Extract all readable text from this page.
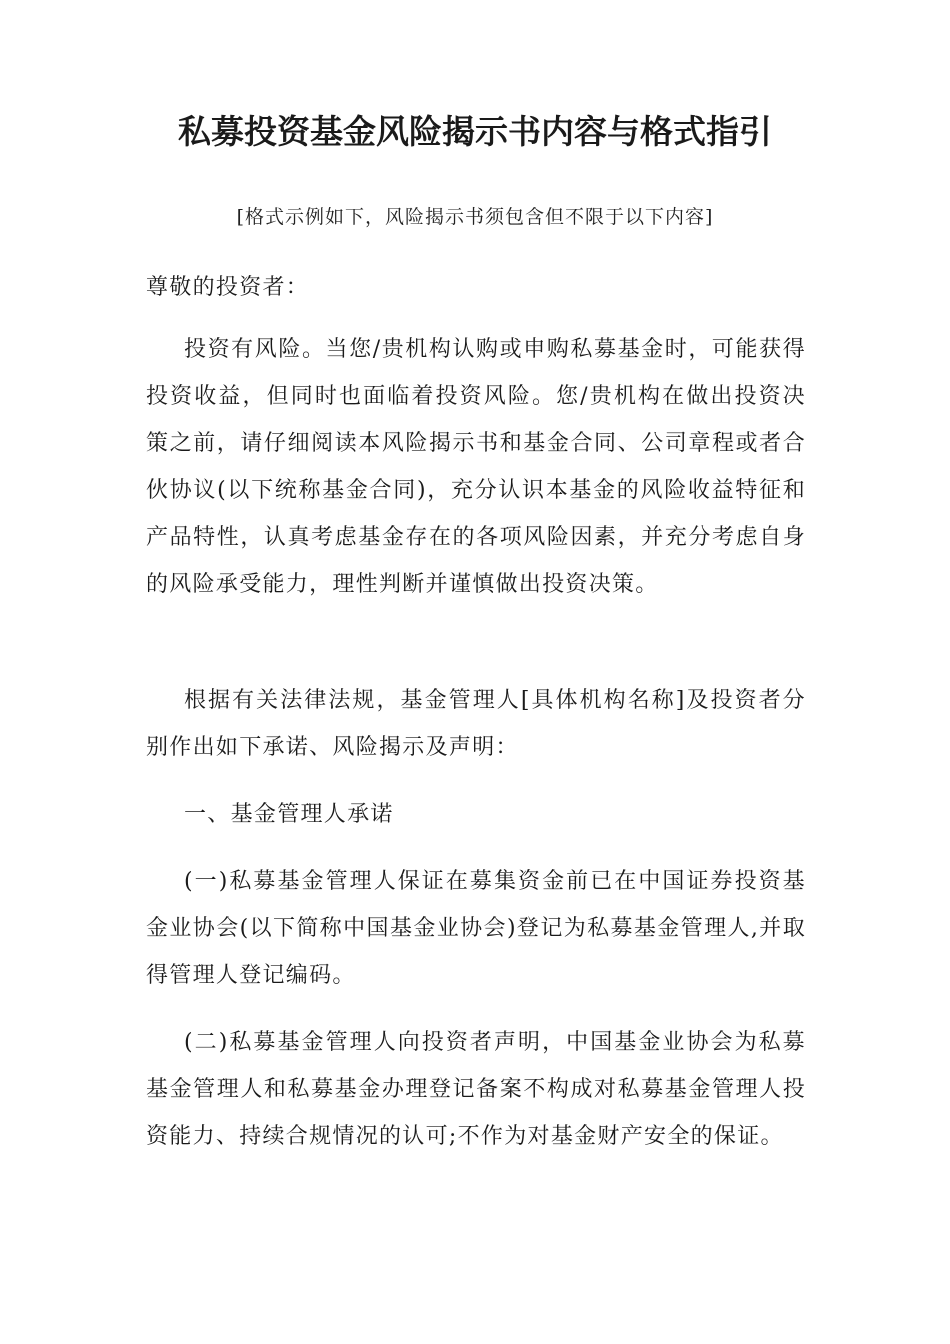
私募投资基金风险揭示书内容与格式指引

[格式示例如下，风险揭示书须包含但不限于以下内容]

尊敬的投资者：

投资有风险。当您/贵机构认购或申购私募基金时，可能获得投资收益，但同时也面临着投资风险。您/贵机构在做出投资决策之前，请仔细阅读本风险揭示书和基金合同、公司章程或者合伙协议(以下统称基金合同)，充分认识本基金的风险收益特征和产品特性，认真考虑基金存在的各项风险因素，并充分考虑自身的风险承受能力，理性判断并谨慎做出投资决策。

根据有关法律法规，基金管理人[具体机构名称]及投资者分别作出如下承诺、风险揭示及声明：

一、基金管理人承诺

(一)私募基金管理人保证在募集资金前已在中国证券投资基金业协会(以下简称中国基金业协会)登记为私募基金管理人,并取得管理人登记编码。

(二)私募基金管理人向投资者声明，中国基金业协会为私募基金管理人和私募基金办理登记备案不构成对私募基金管理人投资能力、持续合规情况的认可;不作为对基金财产安全的保证。
